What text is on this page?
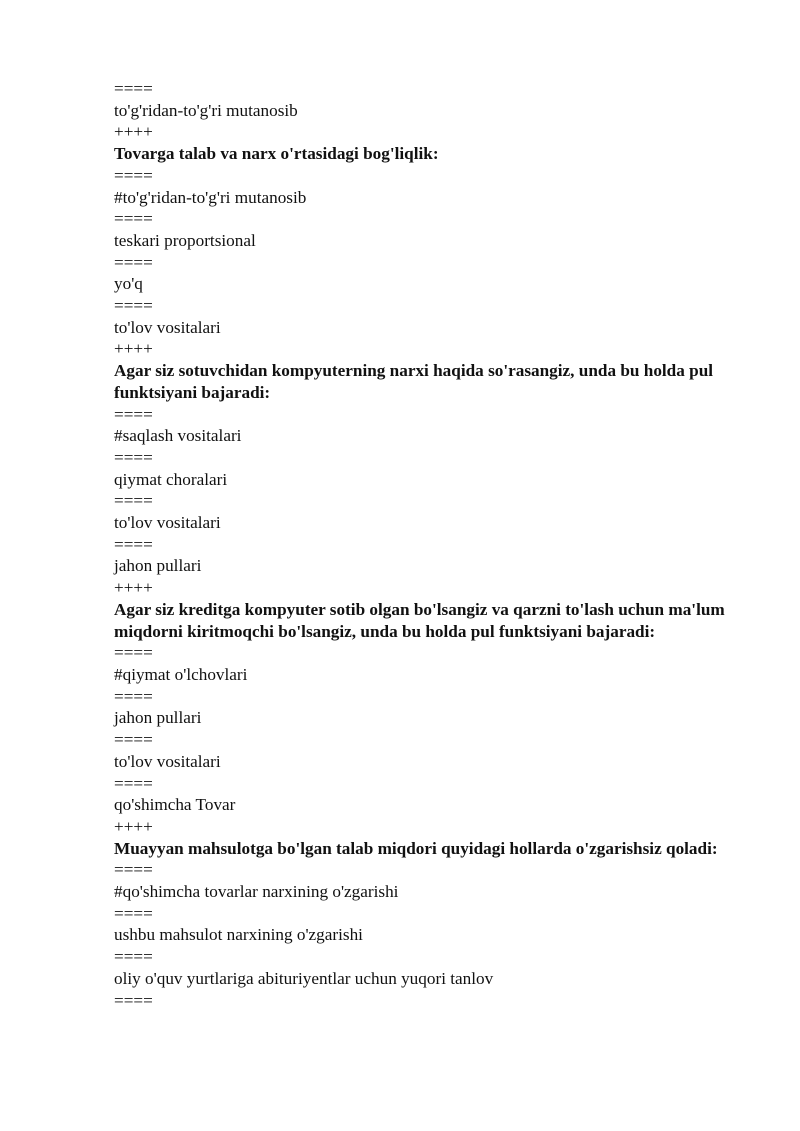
====

to'g'ridan-to'g'ri mutanosib

++++

Tovarga talab va narx o'rtasidagi bog'liqlik:

====

#to'g'ridan-to'g'ri mutanosib

====

teskari proportsional

====

yo'q

====

to'lov vositalari

++++

Agar siz sotuvchidan kompyuterning narxi haqida so'rasangiz, unda bu holda pul funktsiyani bajaradi:

====

#saqlash vositalari

====

qiymat choralari

====

to'lov vositalari

====

jahon pullari

++++

Agar siz kreditga kompyuter sotib olgan bo'lsangiz va qarzni to'lash uchun ma'lum miqdorni kiritmoqchi bo'lsangiz, unda bu holda pul funktsiyani bajaradi:

====

#qiymat o'lchovlari

====

jahon pullari

====

to'lov vositalari

====

qo'shimcha Tovar

++++

Muayyan mahsulotga bo'lgan talab miqdori quyidagi hollarda o'zgarishsiz qoladi:

====

#qo'shimcha tovarlar narxining o'zgarishi

====

ushbu mahsulot narxining o'zgarishi

====

oliy o'quv yurtlariga abituriyentlar uchun yuqori tanlov

====
